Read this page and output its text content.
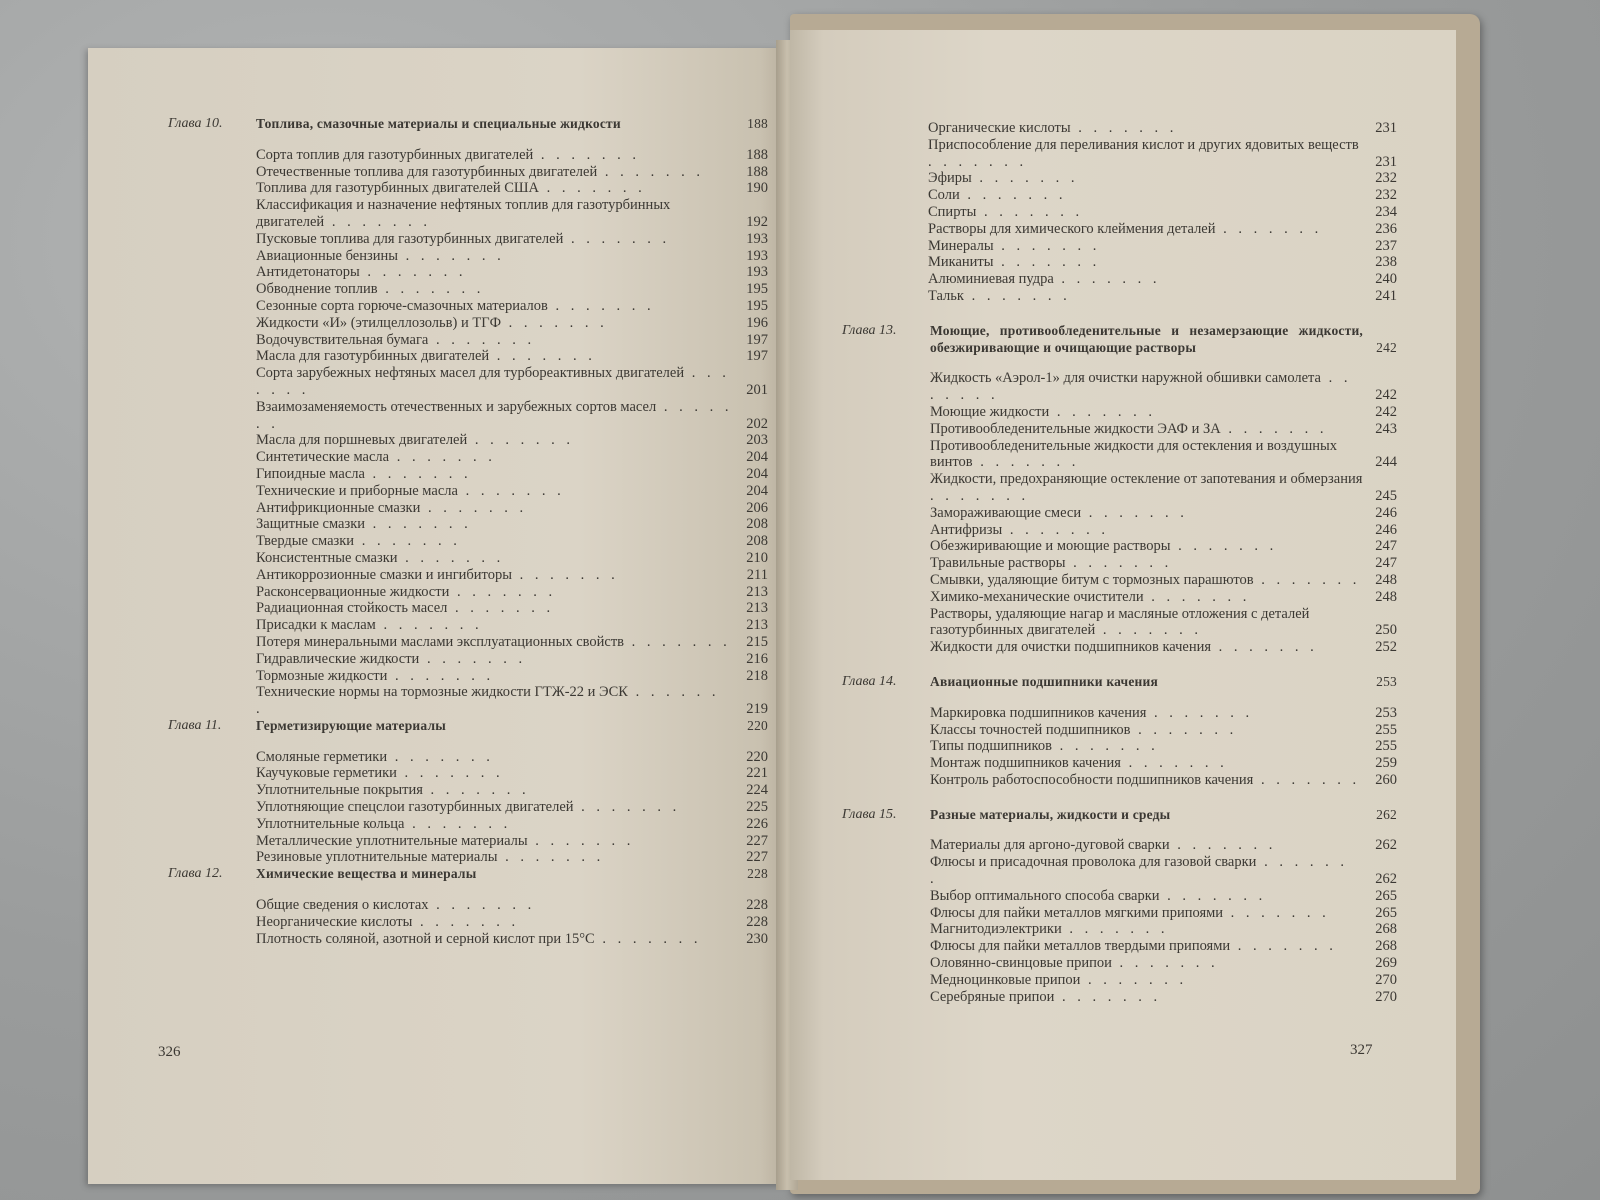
Глава 10.	Топлива, смазочные материалы и специальные жидкости	188
Сорта топлив для газотурбинных двигателей . . . . . . .	188
Отечественные топлива для газотурбинных двигателей . . . . . . .	188
Топлива для газотурбинных двигателей США . . . . . . .	190
Классификация и назначение нефтяных топлив для газотурбинных двигателей . . . . . . .	192
Пусковые топлива для газотурбинных двигателей . . . . . . .	193
Авиационные бензины . . . . . . .	193
Антидетонаторы . . . . . . .	193
Обводнение топлив . . . . . . .	195
Сезонные сорта горюче-смазочных материалов . . . . . . .	195
Жидкости «И» (этилцеллозольв) и ТГФ . . . . . . .	196
Водочувствительная бумага . . . . . . .	197
Масла для газотурбинных двигателей . . . . . . .	197
Сорта зарубежных нефтяных масел для турбореактивных двигателей . . . . . . .	201
Взаимозаменяемость отечественных и зарубежных сортов масел . . . . . . .	202
Масла для поршневых двигателей . . . . . . .	203
Синтетические масла . . . . . . .	204
Гипоидные масла . . . . . . .	204
Технические и приборные масла . . . . . . .	204
Антифрикционные смазки . . . . . . .	206
Защитные смазки . . . . . . .	208
Твердые смазки . . . . . . .	208
Консистентные смазки . . . . . . .	210
Антикоррозионные смазки и ингибиторы . . . . . . .	211
Расконсервационные жидкости . . . . . . .	213
Радиационная стойкость масел . . . . . . .	213
Присадки к маслам . . . . . . .	213
Потеря минеральными маслами эксплуатационных свойств . . . . . . . 215
Гидравлические жидкости . . . . . . .	216
Тормозные жидкости . . . . . . .	218
Технические нормы на тормозные жидкости ГТЖ-22 и ЭСК . . . . . . .	219
Глава 11.	Герметизирующие материалы	220
Смоляные герметики . . . . . . .	220
Каучуковые герметики . . . . . . .	221
Уплотнительные покрытия . . . . . . .	224
Уплотняющие спецслои газотурбинных двигателей . . . . . . .	225
Уплотнительные кольца . . . . . . .	226
Металлические уплотнительные материалы . . . . . . .	227
Резиновые уплотнительные материалы . . . . . . .	227
Глава 12.	Химические вещества и минералы	228
Общие сведения о кислотах . . . . . . .	228
Неорганические кислоты . . . . . . .	228
Плотность соляной, азотной и серной кислот при 15°С . . . . . . .	230
326
Органические кислоты . . . . . . .	231
Приспособление для переливания кислот и других ядовитых веществ . . . . . . .	231
Эфиры . . . . . . .	232
Соли . . . . . . .	232
Спирты . . . . . . .	234
Растворы для химического клеймения деталей . . . . . . .	236
Минералы . . . . . . .	237
Миканиты . . . . . . .	238
Алюминиевая пудра . . . . . . .	240
Тальк . . . . . . .	241
Глава 13.	Моющие, противообледенительные и незамерзающие жидкости, обезжиривающие и очищающие растворы	242
Жидкость «Аэрол-1» для очистки наружной обшивки самолета . . . . . . .	242
Моющие жидкости . . . . . . .	242
Противообледенительные жидкости ЭАФ и ЗА . . . . . . .	243
Противообледенительные жидкости для остекления и воздушных винтов . . . . . . .	244
Жидкости, предохраняющие остекление от запотевания и обмерзания . . . . . . .	245
Замораживающие смеси . . . . . . .	246
Антифризы . . . . . . .	246
Обезжиривающие и моющие растворы . . . . . . .	247
Травильные растворы . . . . . . .	247
Смывки, удаляющие битум с тормозных парашютов . . . . . . . 248
Химико-механические очистители . . . . . . .	248
Растворы, удаляющие нагар и масляные отложения с деталей газотурбинных двигателей . . . . . . .	250
Жидкости для очистки подшипников качения . . . . . . .	252
Глава 14.	Авиационные подшипники качения	253
Маркировка подшипников качения . . . . . . .	253
Классы точностей подшипников . . . . . . .	255
Типы подшипников . . . . . . .	255
Монтаж подшипников качения . . . . . . .	259
Контроль работоспособности подшипников качения . . . . . . . 260
Глава 15.	Разные материалы, жидкости и среды	262
Материалы для аргоно-дуговой сварки . . . . . . .	262
Флюсы и присадочная проволока для газовой сварки . . . . . . .	262
Выбор оптимального способа сварки . . . . . . .	265
Флюсы для пайки металлов мягкими припоями . . . . . . .	265
Магнитодиэлектрики . . . . . . .	268
Флюсы для пайки металлов твердыми припоями . . . . . . .	268
Оловянно-свинцовые припои . . . . . . .	269
Медноцинковые припои . . . . . . .	270
Серебряные припои . . . . . . .	270
327
